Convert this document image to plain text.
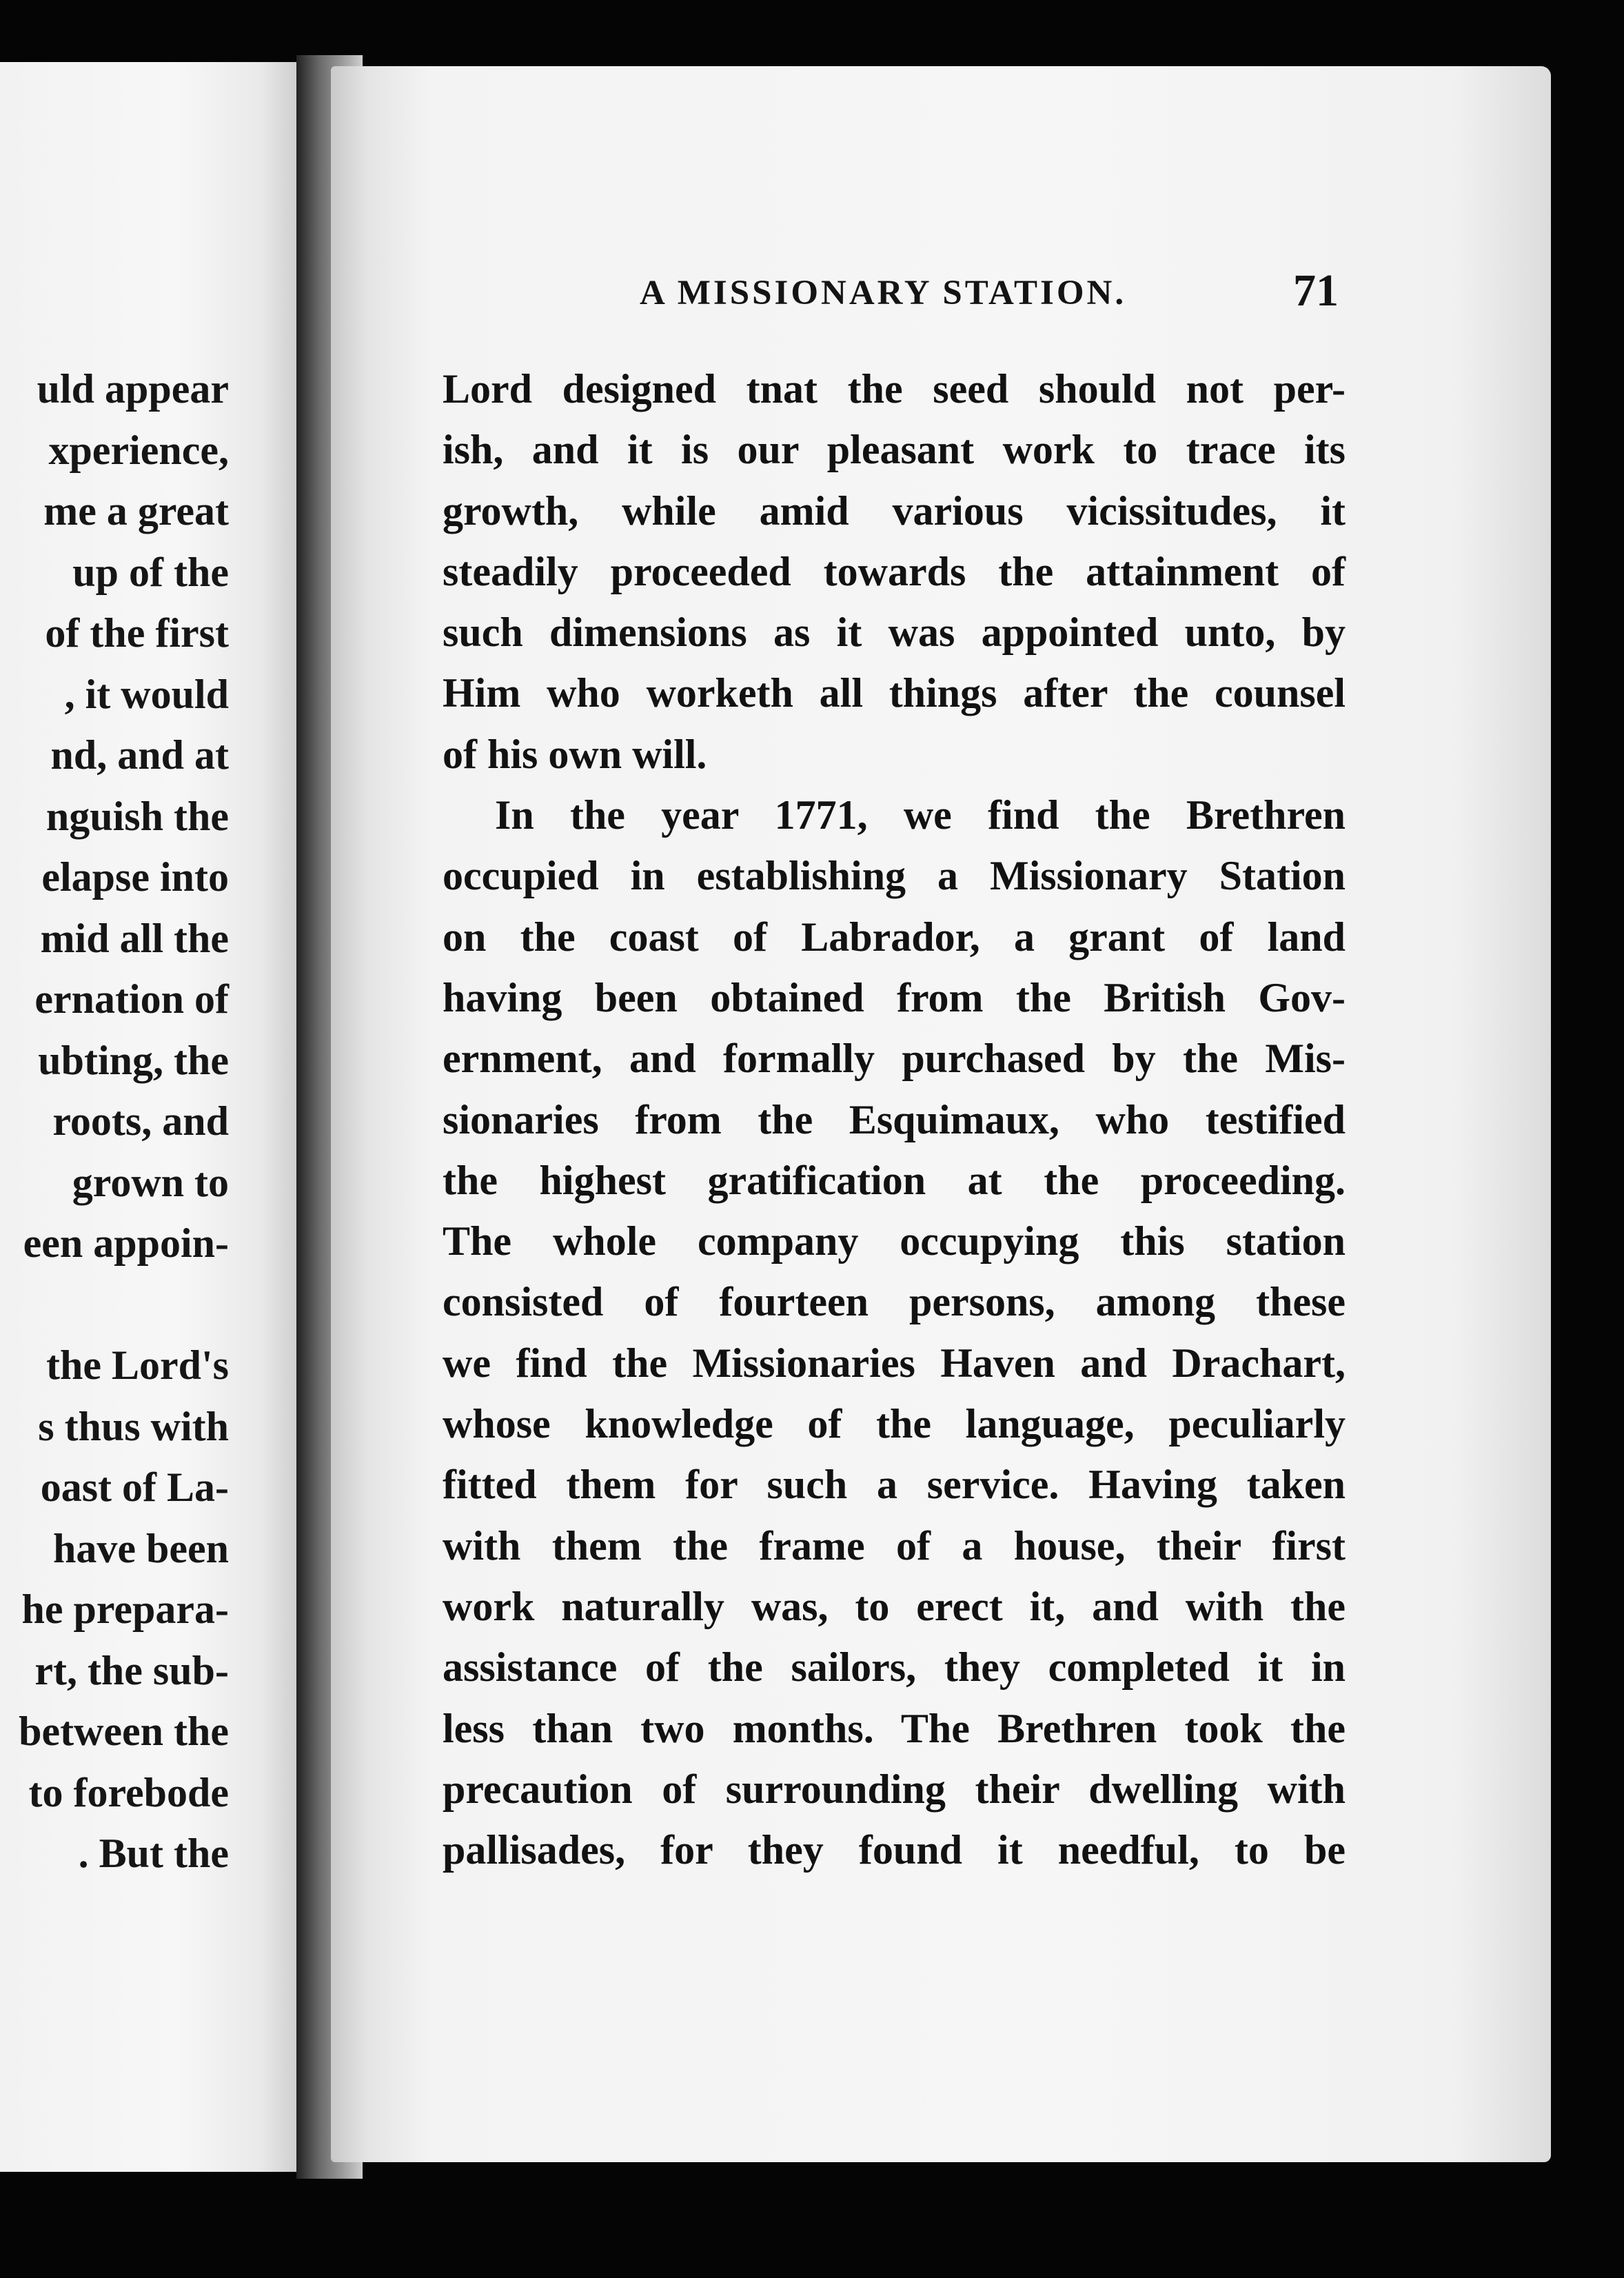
uld appear
xperience,
me a great
up of the
of the first
, it would
nd, and at
nguish the
elapse into
mid all the
ernation of
ubting, the
roots, and
grown to
een appoin-
the Lord's
s thus with
oast of La-
have been
he prepara-
rt, the sub-
between the
to forebode
. But the
A MISSIONARY STATION.	71
Lord designed tnat the seed should not per-
ish, and it is our pleasant work to trace its
growth, while amid various vicissitudes, it
steadily proceeded towards the attainment of
such dimensions as it was appointed unto, by
Him who worketh all things after the counsel
of his own will.
In the year 1771, we find the Brethren
occupied in establishing a Missionary Station
on the coast of Labrador, a grant of land
having been obtained from the British Gov-
ernment, and formally purchased by the Mis-
sionaries from the Esquimaux, who testified
the highest gratification at the proceeding.
The whole company occupying this station
consisted of fourteen persons, among these
we find the Missionaries Haven and Drachart,
whose knowledge of the language, peculiarly
fitted them for such a service. Having taken
with them the frame of a house, their first
work naturally was, to erect it, and with the
assistance of the sailors, they completed it in
less than two months. The Brethren took the
precaution of surrounding their dwelling with
pallisades, for they found it needful, to be
